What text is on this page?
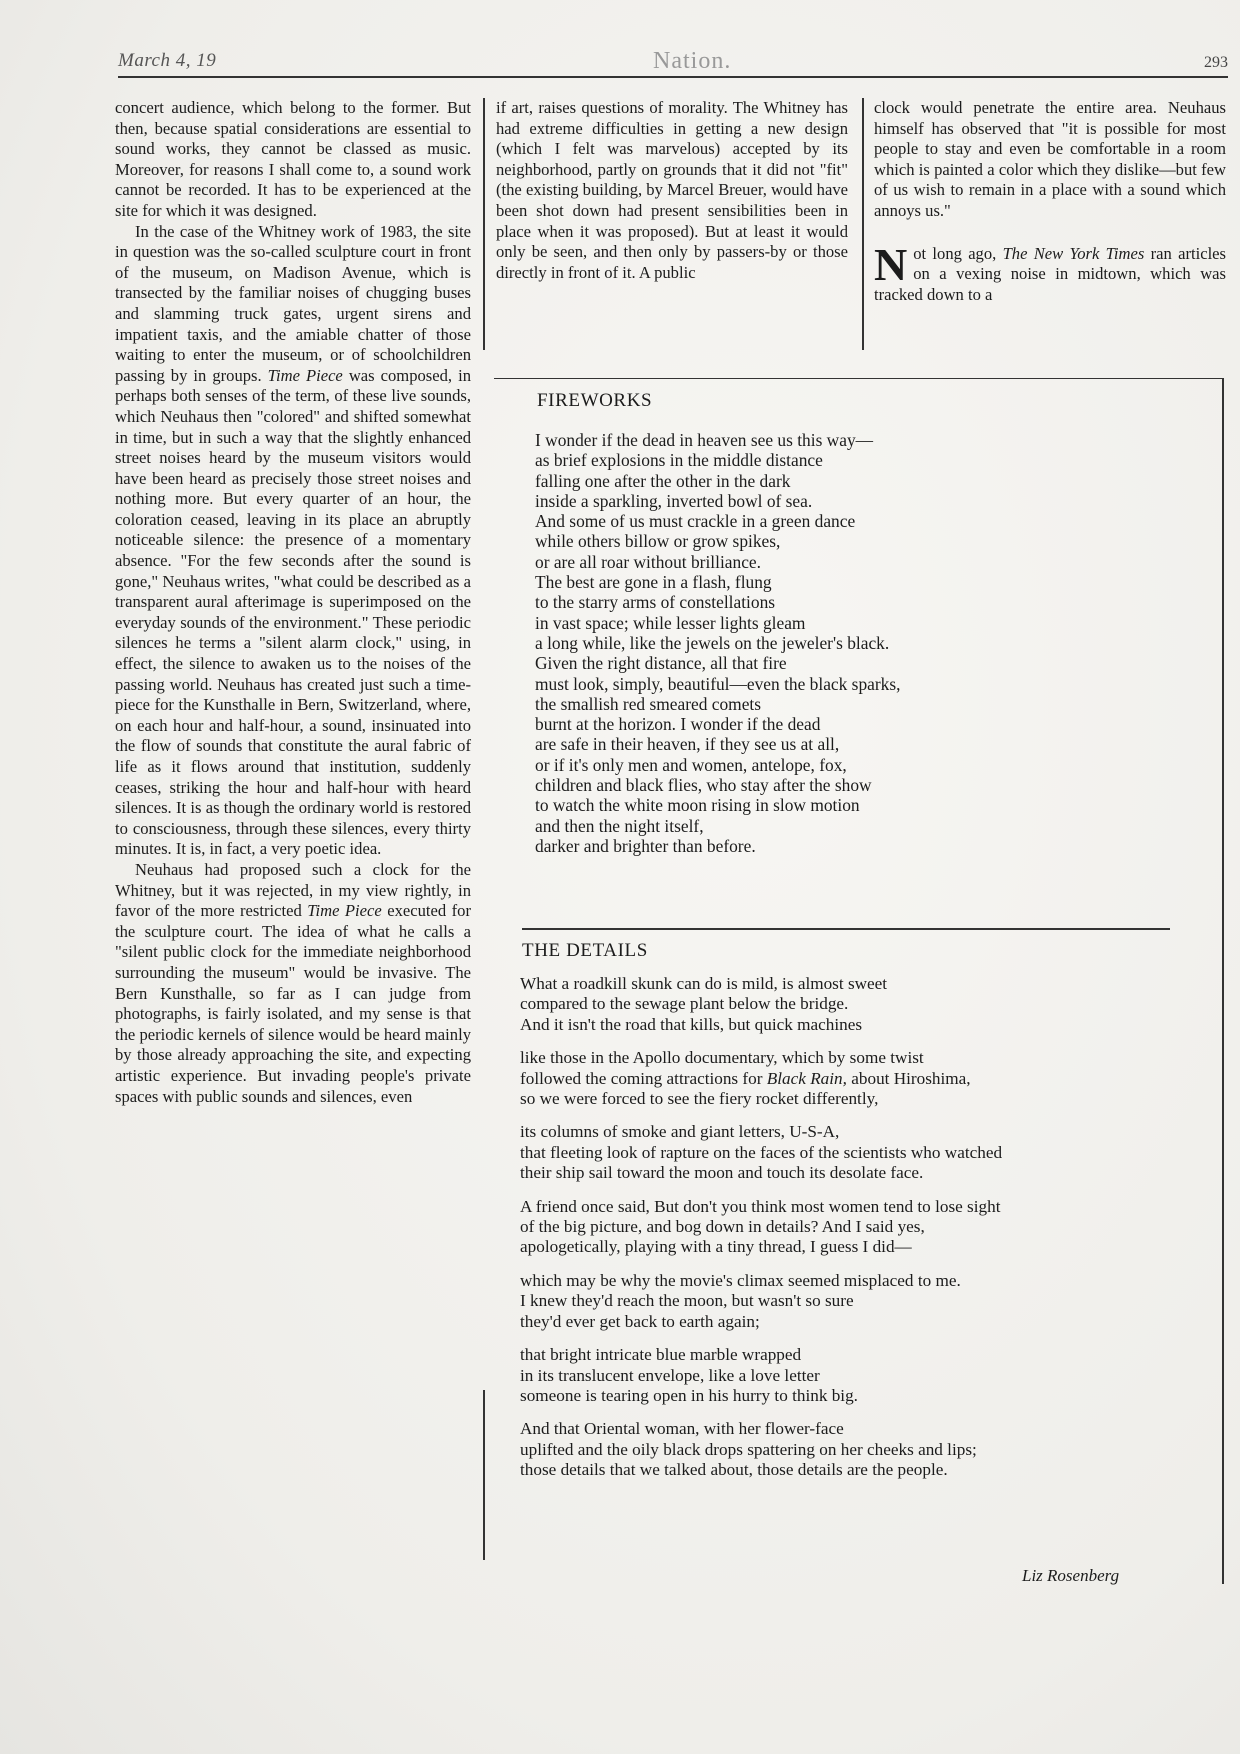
March 4, 19	Nation.	293

concert audience, which belong to the former. But then, because spatial considerations are essential to sound works, they cannot be classed as music. Moreover, for reasons I shall come to, a sound work cannot be recorded. It has to be experienced at the site for which it was designed.

In the case of the Whitney work of 1983, the site in question was the so-called sculpture court in front of the museum, on Madison Avenue, which is transected by the familiar noises of chugging buses and slamming truck gates, urgent sirens and impatient taxis, and the amiable chatter of those waiting to enter the museum, or of schoolchildren passing by in groups. Time Piece was composed, in perhaps both senses of the term, of these live sounds, which Neuhaus then "colored" and shifted somewhat in time, but in such a way that the slightly enhanced street noises heard by the museum visitors would have been heard as precisely those street noises and nothing more. But every quarter of an hour, the coloration ceased, leaving in its place an abruptly noticeable silence: the presence of a momentary absence. "For the few seconds after the sound is gone," Neuhaus writes, "what could be described as a transparent aural afterimage is superimposed on the everyday sounds of the environment." These periodic silences he terms a "silent alarm clock," using, in effect, the silence to awaken us to the noises of the passing world. Neuhaus has created just such a time-piece for the Kunsthalle in Bern, Switzerland, where, on each hour and half-hour, a sound, insinuated into the flow of sounds that constitute the aural fabric of life as it flows around that institution, suddenly ceases, striking the hour and half-hour with heard silences. It is as though the ordinary world is restored to consciousness, through these silences, every thirty minutes. It is, in fact, a very poetic idea.

Neuhaus had proposed such a clock for the Whitney, but it was rejected, in my view rightly, in favor of the more restricted Time Piece executed for the sculpture court. The idea of what he calls a "silent public clock for the immediate neighborhood surrounding the museum" would be invasive. The Bern Kunsthalle, so far as I can judge from photographs, is fairly isolated, and my sense is that the periodic kernels of silence would be heard mainly by those already approaching the site, and expecting artistic experience. But invading people's private spaces with public sounds and silences, even

if art, raises questions of morality. The Whitney has had extreme difficulties in getting a new design (which I felt was marvelous) accepted by its neighborhood, partly on grounds that it did not "fit" (the existing building, by Marcel Breuer, would have been shot down had present sensibilities been in place when it was proposed). But at least it would only be seen, and then only by passers-by or those directly in front of it. A public

clock would penetrate the entire area. Neuhaus himself has observed that "it is possible for most people to stay and even be comfortable in a room which is painted a color which they dislike—but few of us wish to remain in a place with a sound which annoys us."

Not long ago, The New York Times ran articles on a vexing noise in midtown, which was tracked down to a

FIREWORKS
I wonder if the dead in heaven see us this way—
as brief explosions in the middle distance
falling one after the other in the dark
inside a sparkling, inverted bowl of sea.
And some of us must crackle in a green dance
while others billow or grow spikes,
or are all roar without brilliance.
The best are gone in a flash, flung
to the starry arms of constellations
in vast space; while lesser lights gleam
a long while, like the jewels on the jeweler's black.
Given the right distance, all that fire
must look, simply, beautiful—even the black sparks,
the smallish red smeared comets
burnt at the horizon. I wonder if the dead
are safe in their heaven, if they see us at all,
or if it's only men and women, antelope, fox,
children and black flies, who stay after the show
to watch the white moon rising in slow motion
and then the night itself,
darker and brighter than before.
THE DETAILS
What a roadkill skunk can do is mild, is almost sweet
compared to the sewage plant below the bridge.
And it isn't the road that kills, but quick machines
like those in the Apollo documentary, which by some twist
followed the coming attractions for Black Rain, about Hiroshima,
so we were forced to see the fiery rocket differently,
its columns of smoke and giant letters, U-S-A,
that fleeting look of rapture on the faces of the scientists who watched
their ship sail toward the moon and touch its desolate face.
A friend once said, But don't you think most women tend to lose sight
of the big picture, and bog down in details? And I said yes,
apologetically, playing with a tiny thread, I guess I did—
which may be why the movie's climax seemed misplaced to me.
I knew they'd reach the moon, but wasn't so sure
they'd ever get back to earth again;
that bright intricate blue marble wrapped
in its translucent envelope, like a love letter
someone is tearing open in his hurry to think big.
And that Oriental woman, with her flower-face
uplifted and the oily black drops spattering on her cheeks and lips;
those details that we talked about, those details are the people.
Liz Rosenberg
